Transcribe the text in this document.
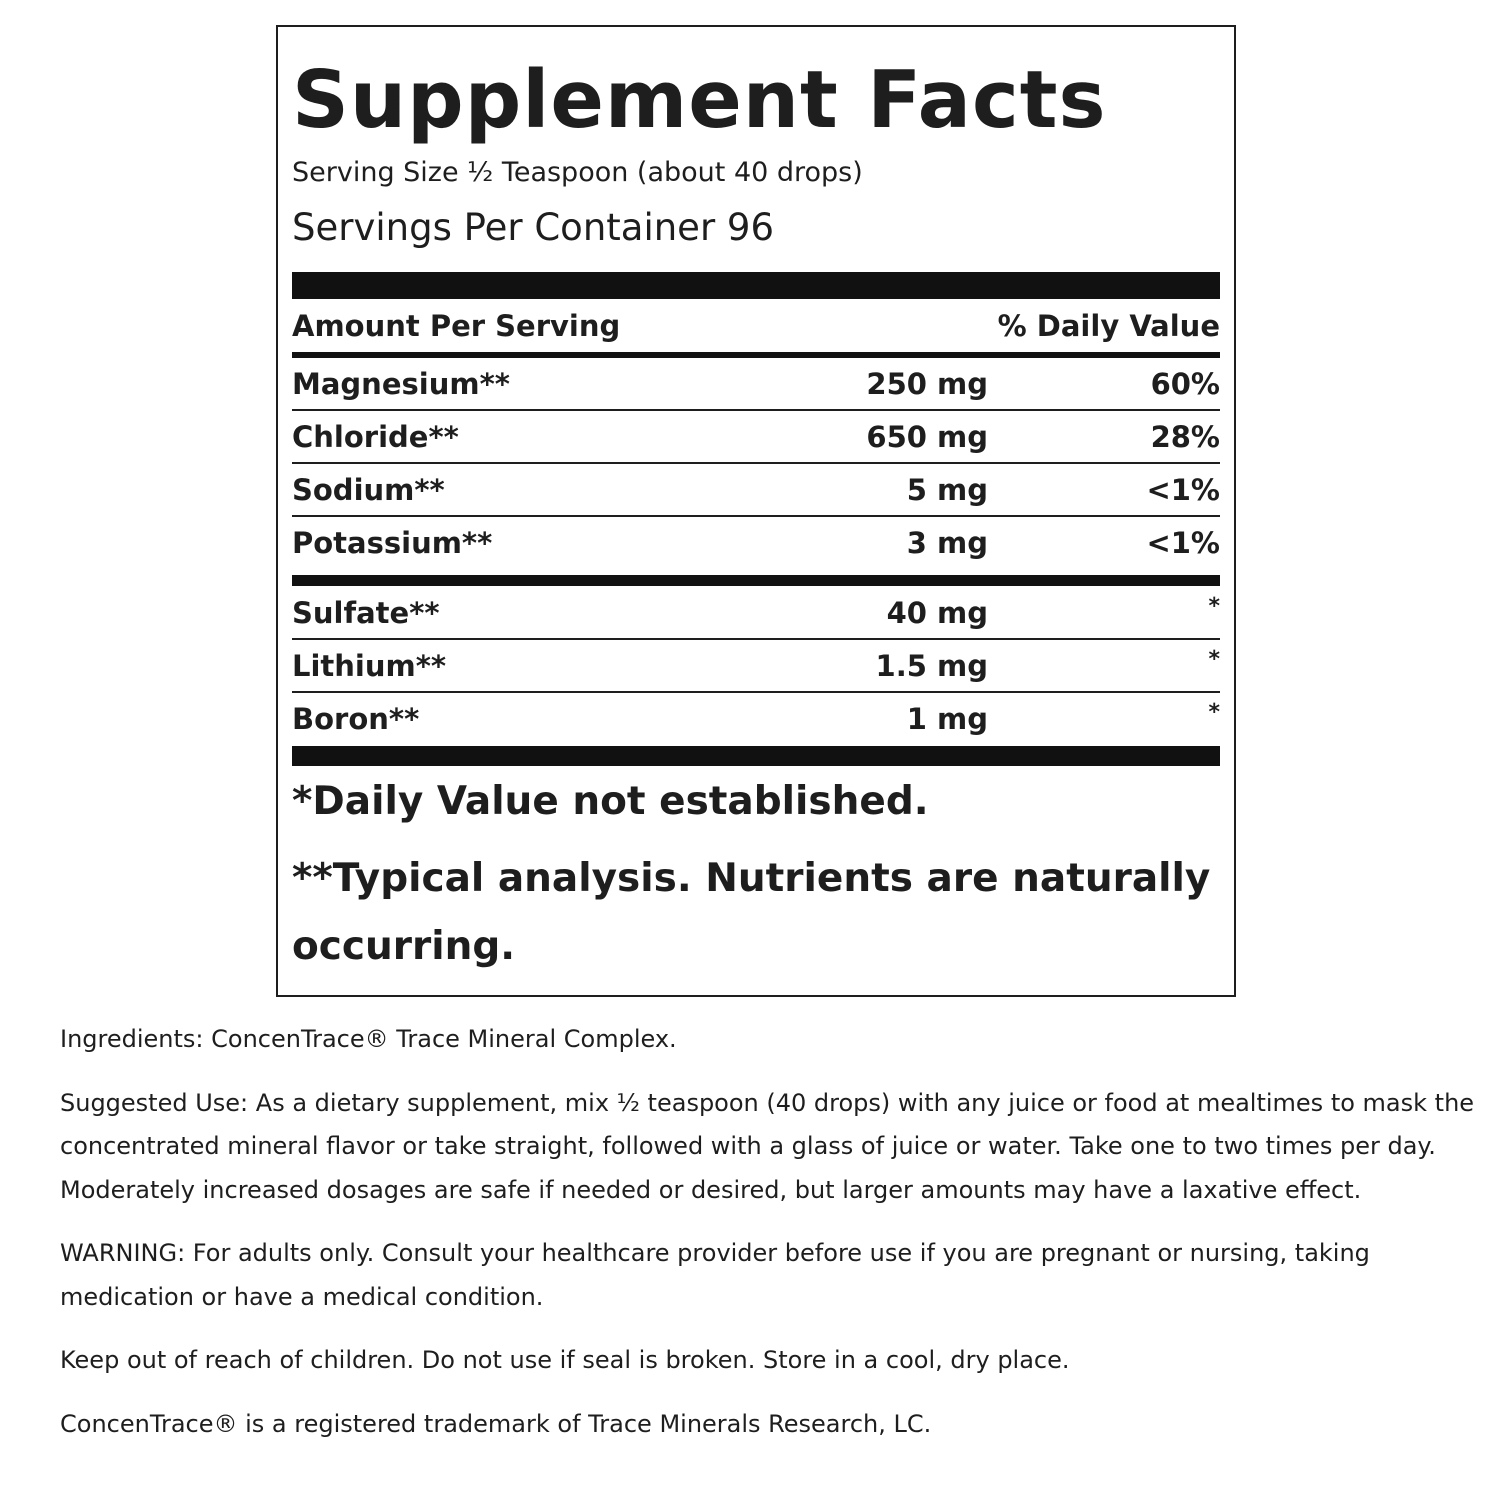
Supplement Facts
Serving Size ½ Teaspoon (about 40 drops)
Servings Per Container 96
Amount Per Serving	% Daily Value
Magnesium**	250 mg	60%
Chloride**	650 mg	28%
Sodium**	5 mg	<1%
Potassium**	3 mg	<1%
Sulfate**	40 mg	*
Lithium**	1.5 mg	*
Boron**	1 mg	*
*Daily Value not established.
**Typical analysis. Nutrients are naturally occurring.

Ingredients: ConcenTrace® Trace Mineral Complex.

Suggested Use: As a dietary supplement, mix ½ teaspoon (40 drops) with any juice or food at mealtimes to mask the concentrated mineral flavor or take straight, followed with a glass of juice or water. Take one to two times per day. Moderately increased dosages are safe if needed or desired, but larger amounts may have a laxative effect.

WARNING: For adults only. Consult your healthcare provider before use if you are pregnant or nursing, taking medication or have a medical condition.

Keep out of reach of children. Do not use if seal is broken. Store in a cool, dry place.

ConcenTrace® is a registered trademark of Trace Minerals Research, LC.
